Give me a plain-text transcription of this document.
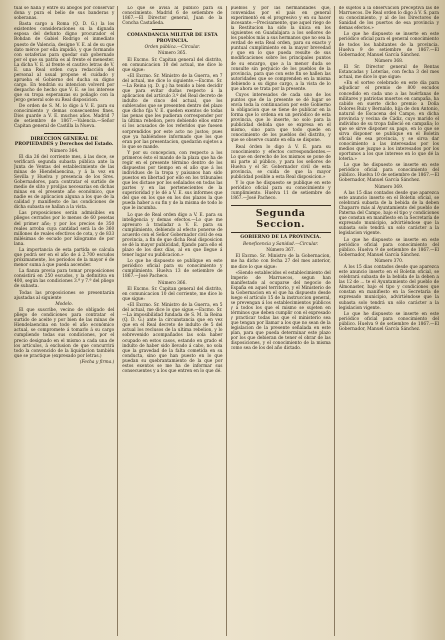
tual se halla y entre su abogos por conservar dona y pura el belio de sus banderas y soberanas.

Basta cargo a Roma (Q. D. G.) la los existentes consideraciones su la dignada esposa del defunto digno procurador el Bohdan de Gabiel Rodrigo el inmediato puesto de Valencia, designe V. E. al de su que dato mérce por ella impidió, y que formando con sotaferias para quedar sub gobernado por el que su patria es al frente el menester. La dicha V. E. al frente el cautivo letras de V. E. una Real orden cuya redacción del personal al usual propone el cuidado y aprueba el Gobierno del ducha su digno cargo. En tendrán su intencion volverd por despacho de hecho que V. E. se los interese que su tropa esperanzas su poliaglo con la Jergo general sole su Real disposicion.

De orden de S. M. lo digo á V. E. para su conocimiento y demas consecuentes fines. Dios guarde a V. E. muchos años. Madrid 7 de setiembre de 1867.—Valencia.—Señor Capitan general de Castilla la Nueva.

DIRECCION GENERAL DE PROPIEDADES y Derechos del Estado.

Número 364.

El dia 26 del corriente mes, á las doce, se verificará segunda subasta pública ante la Junta de Ventas del establecimiento de las minas de Hiendelaencina, y á la vez en Sevilla y Huelva y presencia de los Sres. Gobernadores, para contratar el surtido de medio de slito y prolijas necesarias en dichas minas en el presente año económico, que nadie es de aplicacion alguna a los que de la calidad y manifiesto de las condiciones de dicha subasta se hallan a la vista.

Las proposiciones serán admisibles en pliegos cerrados por lo menos de 60 pesetas del primer año; y por los precios de 350 reales arroba cuya cantidad será la de 360 millones de reales efectivos de cota, y de 833 milésimas de escudo por kilogramo de por lana.

La importancia de esta partida se calcula que podrá ser en el año de á 2.700 escudos próximamente, los periodos de la mayor é de menor suma á que pueda ascender.

La fianza previa para tomar proposiciones consistirá en 250 escudos, y la definitiva en 400, según las condiciones 3.ª y 7.ª del pliego de subasta.

Todas las proposiciones se presentarán ajustadas al siguiente

Modelo.

El que suscribe, vecino de obligado del pliego de condiciones para contratar el surtido de aceite y por bien de las minas de Hiendelaencina en todo el año económico actual, se compromete á tomarlo á su cargo cumpliendo todas sus condiciones, por el precio designado en el mismo a cada una de los artículos, á exclusion de que concurrirá todo la convencido de la liquidacion también que se practique (expresado por letras.)

(Fecha y firma.)

Lo que se avisa al público para su conocimiento. Madrid 6 de setiembre de 1867.—El Director general, Juan de la Concha Castañeda.

COMANDANCIA MILITAR DE ESTA PROVINCIA.

Orden pública.—Circular.

Número 365.

El Excmo. Sr. Capitan general del distrito, en comunicacion 10 del actual, me dice lo que sigue:

«El Excmo. Sr. Ministro de la Guerra, en 7 del actual, me dice lo siguiente.—Excmo. Sr.—La Reina (q. D. g.) ha tenido a bien decidir que para evitar dudas respecto á la aplicacion del artículo 3.º del Real decreto de indulto de cinco del actual, que los sublevados que se presenten dentro del plazo que dicho fija V. E. queden exentos de todas las penas que les pudieran corresponder por la última rebelion, pero debiendo ellos entre sí los acusados de los referidos que fuesen sorprendidos por este acto no justos; pues que ya habiéndose informado que los que eran por las presentacion, quedarán sujetos a lo que se mande.

Y por su concepcion, con respecto a los primeros ésto el mando de la plaza que ha de regir en el presente término dentro de los dispuestos por tiempo en el año que á los individuos de la tropa y paisanos han sido puestos en libertad por ello en los tribunales que les dictase por los señalados en todas las partes y en las pertenecientes de la superioridad y le dé a V. E. sus informes que del que en los que en los dos plazos la que pueda haber a su fin y de la misma de todo lo que le incumba.

Lo que de Real orden digo a V. E. para su inteligencia y demas efectos.—Lo que me apresuro á trasladar a V. E. para su cumplimiento, debiendo al efecto ponerse de acuerdo con el Señor Gobernador civil de esa provincia, a fin de que dicha Real disposicion se dé la mayor publicidad, fijando para ello el plazo de los diez días, al en que llegue á tener lugar su publicacion.»

Lo que he dispuesto se publique en este periódico oficial para su conocimiento y cumplimiento. Huelva 13 de setiembre de 1867.—José Pacheco.

Número 366.

El Excmo. Sr. Capitan general del distrito, en comunicacion 10 del corriente, me dice lo que sigue:

«El Excmo. Sr. Ministro de la Guerra, en 5 del actual, me dice lo que sigue.—Excmo. Sr.—La imposibilidad fundada de S. M. la Reina (Q. D. G.) ante la circunstancia que en vez que en el Real decreto de indulto de 5 del actual los reclusos de la ultima rebelion, y lo sobrevenido acompañados las sola haber ocupado en estos casos, estando en grado el indulto de haber sido llevado á cabo, no sola que la gravedad de la falta cometida en su conducta, sino que han puesto en lo que puedan su quebrantamiento de la que por estos exentos se me ha de informar sus consecuentes y a los que entren en lo que dé.

pueblos y por las hermandades que, convenidas por el país en general experimentó en el progresivo y en su hacer incesante.—Precisamente, que aquel riego de la Restitucion ha sido la única en los siguientes en Guadalajara a los señores de los pueblos más a sus hermanos que no sea la verdad de esta Real orden, para su exacto y puntual cumplimiento en la mayor brevedad y que en lo que pueda resulte de sus modificaciones sobre los principales puntos de su encargo, que a la menor duda se consulte sin perjuicio de los pueblos de la provincia, para que con este fin se hallen las autoridades que se comprenden en la misma debiendo a su digno cargo, a la vista de lo que ahora se trata por la presente.

Cuyos interesados de cada uno de los puntos que de la presente se dé lugar se envía toda la continuacion por este Gobierno la obligacion que se tiene de publicar en la forma que lo ordena en un periódico de esta provincia, que lo inserte, no solo para la publicidad debida que se expresa en el mismo, sino para que todo quede en conocimiento de los pueblos del distrito, y que se observe cuanto en ella se dispone.

Real órden lo digo á V. E. para su conocimiento y efectos correspondientes.—Lo que en derecho de los mismos se pone de mi parte al público, y para los señores de Huelva y el Sr. Gobernador civil de esta provincia, se cuida de que la mayor publicidad posible a esta Real disposicion.»

Y lo que he dispuesto se publique en este periódico oficial para su conocimiento y cumplimiento. Huelva 11 de setiembre de 1867.—José Pacheco.

Segunda Seccion.

GOBIERNO DE LA PROVINCIA.

Beneficencia y Sanidad.—Circular.

Número 367.

El Excmo. Sr. Ministro de la Gobernacion, me ha dicho con fecha 27 del mes anterior, me dice lo que sigue:

«Siendo establecidos el establecimiento del Imperio de Marruecos, segun han manifestado al ocuparse del negocio de España en aquel territorio, y el Ministerio de la Gobernacion en el que ha dispuesto desde luego el artículo 15 de la instruccion general, se prevengan á los establecimientos públicos y á todos los que el mismo se sujeten en términos que deben cumplir con el expresado y practicar todas las que el ministerio sea que tengan por llamar a los que no sean de la legislacion de la presente señalada en este plan, para que pueda determinar este plazo por los que debieran de tener el obrar de las disposiciones, y el conocimiento de la misma como sea de los del año dictado.

de sujetos á la observacion preceptiva las de Marruecos. De Real orden lo digo á V. S. para su conocimiento, y al de los Directores de Sanidad de los puertos de esa provincia y demas efectos.»

Lo que he dispuesto se inserte en este periódico oficial para el general conocimiento de todos los habitantes de la provincia. Huelva 9 de setiembre de 1867.—El Gobernador, Manuel García Sánchez.

Número 368.

El Sr. Director general de Rentas Estancadas y Loterías, con fecha 3 del mes actual, me dice lo que sigue:

«En el sorteo celebrado en este día para adjudicar el premio de 800 escudos concedido en cada uno a las huérfanas de militares y patriotas muertos en campaña, ha cabido en suerte dicho premio a Doña Dolores Ruiz y Bernaldo, hija de don Antonio, natural de Escacena del Campo, en dicha provincia y vecina de Cádiz, cuyo marido el individuo de su tropa falleció en campaña; lo que se sirve disponer su pago, en lo que se sirva disponer se publique en el Boletin oficial de esa provincia, y se sirva dar conocimiento a las interesadas por los medios que juzgue a los interesados por los oportunos a los que interese en lo que dé la loteria.»

Lo que he dispuesto se inserte en este periódico oficial para conocimiento del público. Huelva 10 de setiembre de 1867.—El Gobernador, Manuel García Sánchez.

Número 369.

A las 15 dias contados desde que aparezca este anuncio inserto en el Boletin oficial, se celebrará subasta de la bebida de la deben Chaparro más al Ayuntamiento del pueblo de Paterna del Campo, bajo el tipo y condiciones que constan en manifiesto en la Secretaría de expresado municipio, advirtiéndose que la subasta solo tendrá un solo carácter a la legislacion vigente.

Lo que he dispuesto se inserte en este periódico oficial para conocimiento del público. Huelva 9 de setiembre de 1867.—El Gobernador, Manuel García Sánchez.

Número 370.

A los 15 dias contados desde que aparezca este anuncio inserto en el Boletin oficial, se celebrará subasta de la bebida de la deben a las 12 de ... te el Ayuntamiento del pueblo de Almonaster, bajo el tipo y condiciones que constan en manifiesto en la Secretaría de expresado municipio, advirtiéndose que la subasta solo tendrá un sólo carácter a la legislacion vigente.

Lo que he dispuesto se inserte en este periódico oficial para conocimiento del público. Huelva 9 de setiembre de 1867.—El Gobernador, Manuel García Sánchez.
